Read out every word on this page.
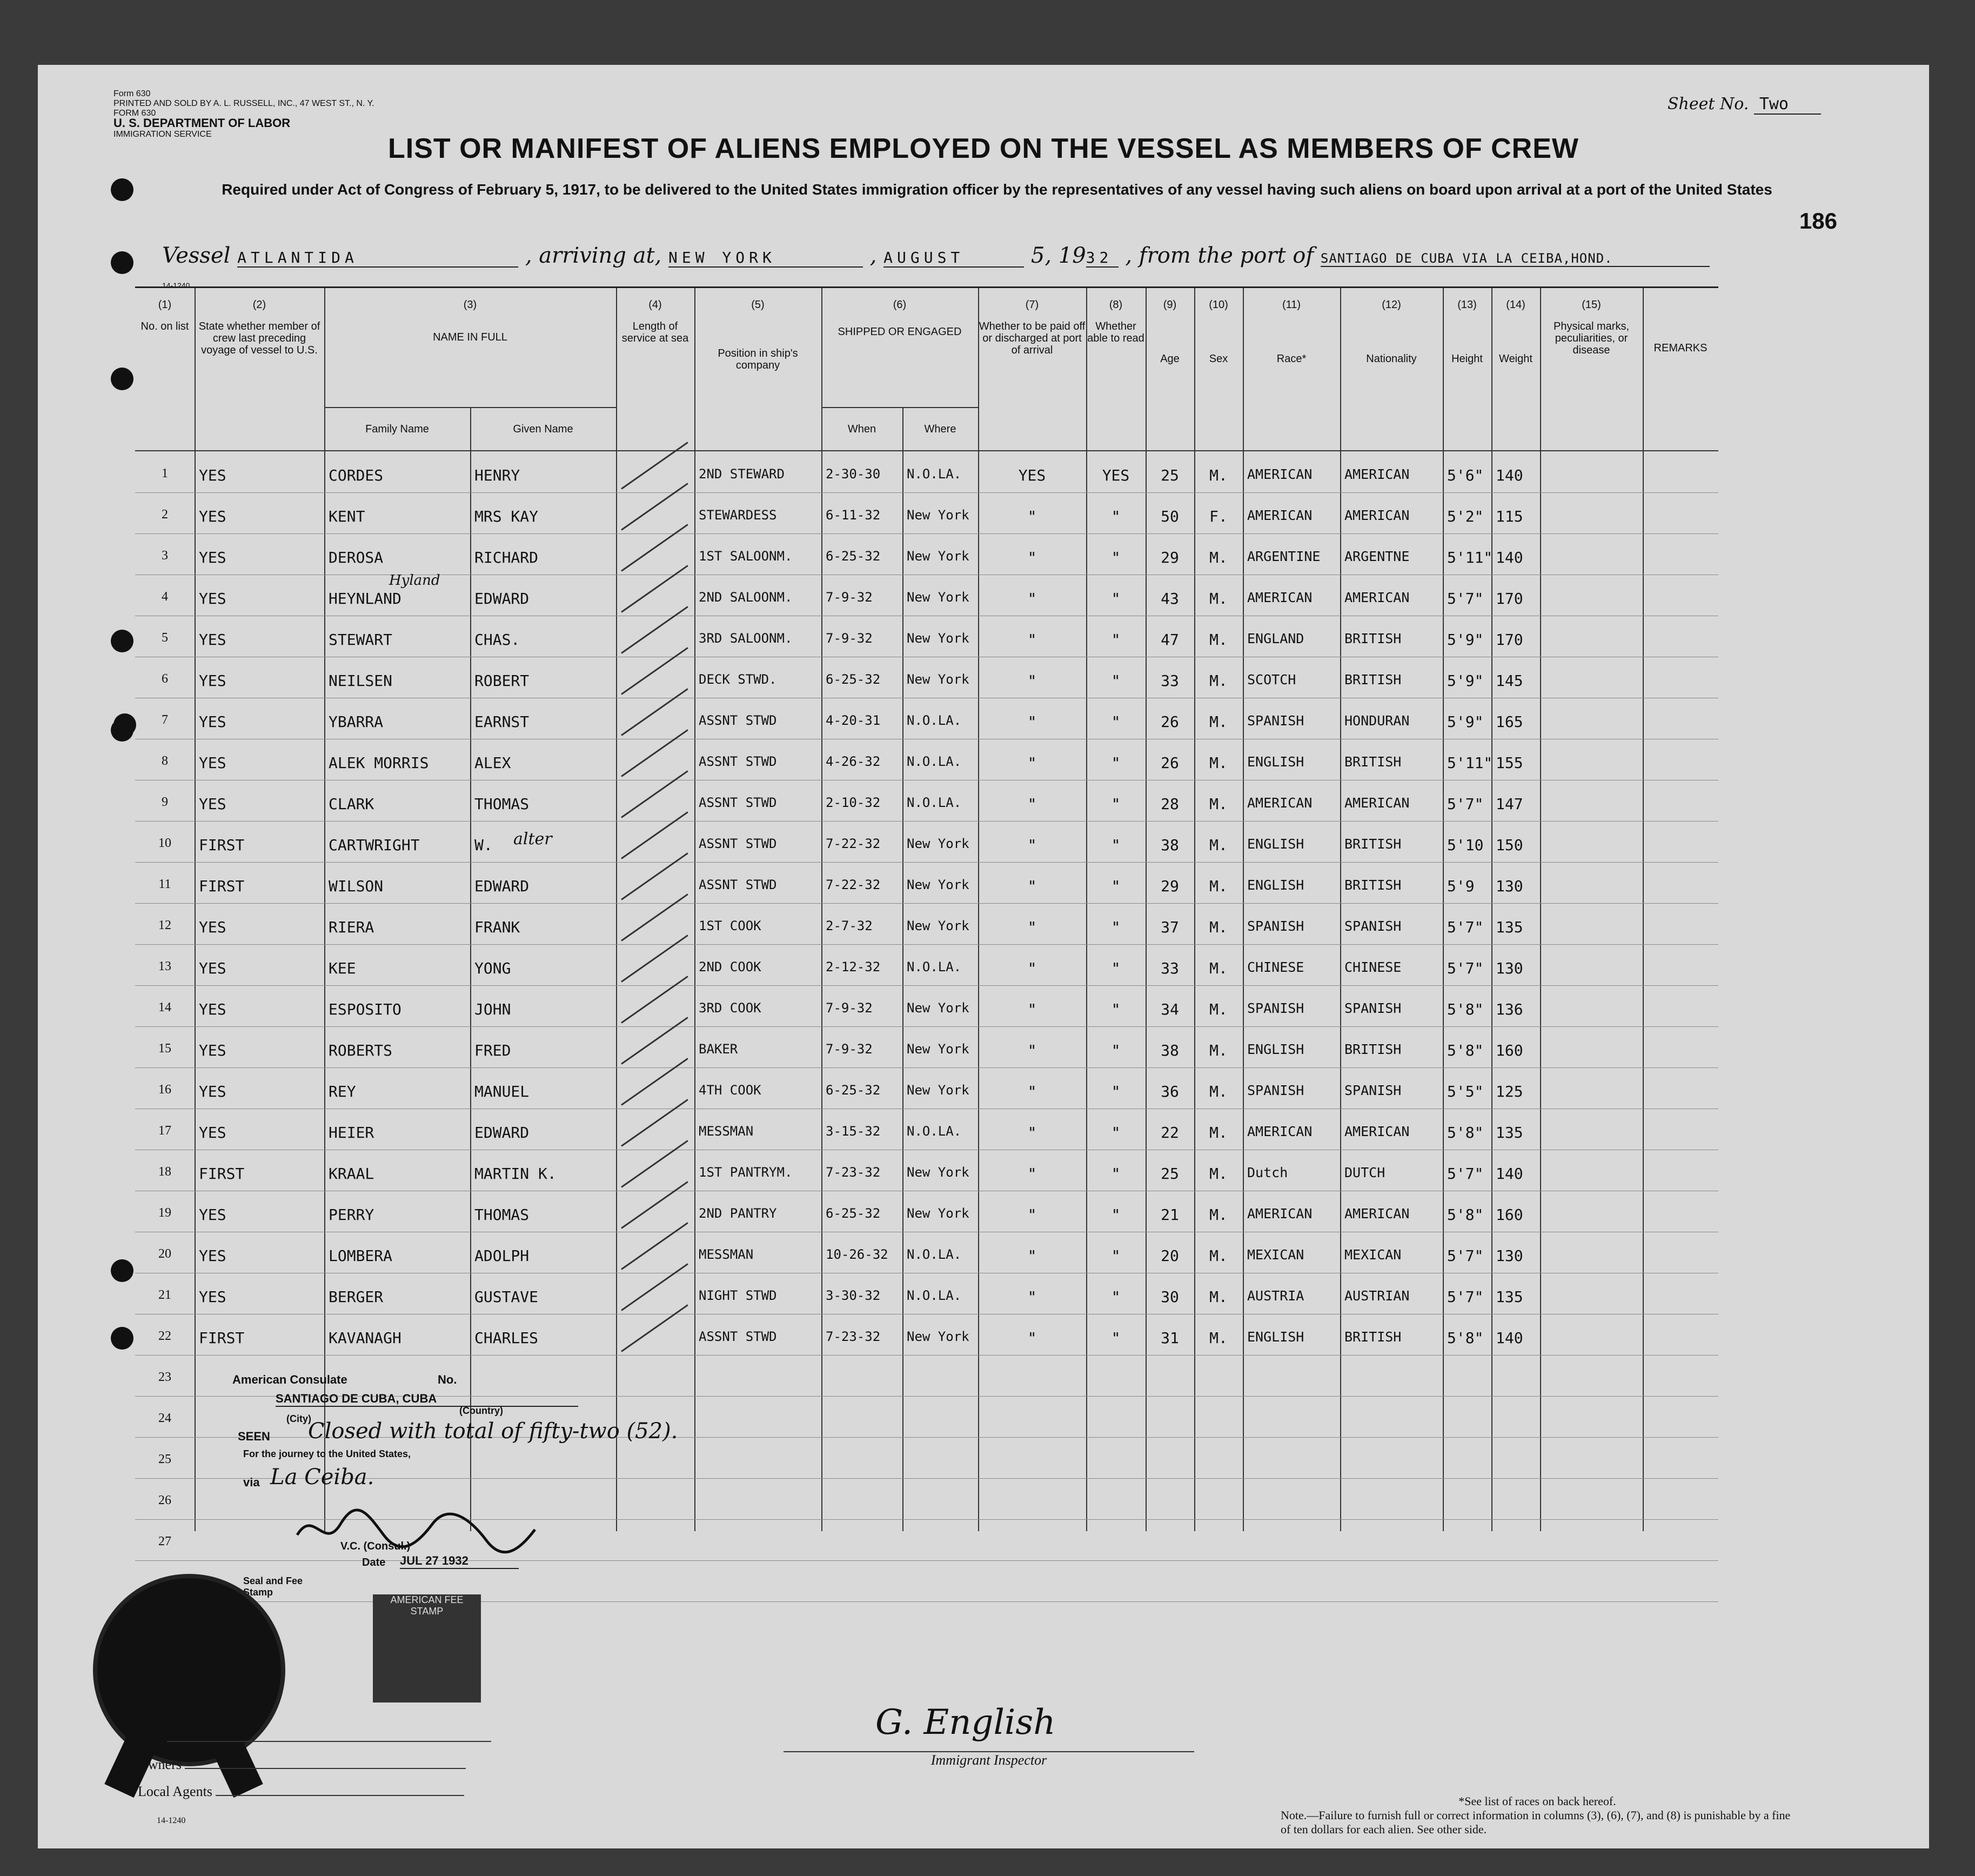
Form 630
PRINTED AND SOLD BY A. L. RUSSELL, INC., 47 WEST ST., N. Y.
FORM 630
U. S. DEPARTMENT OF LABOR
IMMIGRATION SERVICE
Sheet No. Two
LIST OR MANIFEST OF ALIENS EMPLOYED ON THE VESSEL AS MEMBERS OF CREW
Required under Act of Congress of February 5, 1917, to be delivered to the United States immigration officer by the representatives of any vessel having such aliens on board upon arrival at a port of the United States
186
Vessel ATLANTIDA	, arriving at, NEW YORK	, AUGUST	5, 1932 , from the port of SANTIAGO DE CUBA VIA LA CEIBA,HOND.
14-1240
(1)
No. on list
(2)
State whether member of crew last preceding voyage of vessel to U.S.
(3)
NAME IN FULL
Family Name	Given Name
(4)
Length of service at sea
(5)
Position in ship's company
(6)
SHIPPED OR ENGAGED
When	Where
(7)
Whether to be paid off or discharged at port of arrival
(8)
Whether able to read
(9)
Age
(10)
Sex
(11)
Race*
(12)
Nationality
(13)
Height
(14)
Weight
(15)
Physical marks, peculiarities, or disease	REMARKS
1	YES	CORDES	HENRY	2ND STEWARD	2-30-30	N.O.LA.	YES	YES	25	M.	AMERICAN	AMERICAN	5'6" 140
2	YES	KENT	MRS KAY	STEWARDESS	6-11-32	New York	"	"	50	F.	AMERICAN	AMERICAN	5'2" 115
3	YES	DEROSA	RICHARD	1ST SALOONM.	6-25-32	New York	"	"	29	M.	ARGENTINE	ARGENTNE	5'11" 140
4	YES	HEYNLAND	EDWARD	2ND SALOONM.	7-9-32	New York	"	"	43	M.	AMERICAN	AMERICAN	5'7" 170
5	YES	STEWART	CHAS.	3RD SALOONM.	7-9-32	New York	"	"	47	M.	ENGLAND	BRITISH	5'9" 170
6	YES	NEILSEN	ROBERT	DECK STWD.	6-25-32	New York	"	"	33	M.	SCOTCH	BRITISH	5'9" 145
7	YES	YBARRA	EARNST	ASSNT STWD	4-20-31	N.O.LA.	"	"	26	M.	SPANISH	HONDURAN	5'9" 165
8	YES	ALEK MORRIS	ALEX	ASSNT STWD	4-26-32	N.O.LA.	"	"	26	M.	ENGLISH	BRITISH	5'11" 155
9	YES	CLARK	THOMAS	ASSNT STWD	2-10-32	N.O.LA.	"	"	28	M.	AMERICAN	AMERICAN	5'7" 147
10	FIRST	CARTWRIGHT	W.	ASSNT STWD	7-22-32	New York	"	"	38	M.	ENGLISH	BRITISH	5'10 150
11	FIRST	WILSON	EDWARD	ASSNT STWD	7-22-32	New York	"	"	29	M.	ENGLISH	BRITISH	5'9	130
12	YES	RIERA	FRANK	1ST COOK	2-7-32	New York	"	"	37	M.	SPANISH	SPANISH	5'7" 135
13	YES	KEE	YONG	2ND COOK	2-12-32	N.O.LA.	"	"	33	M.	CHINESE	CHINESE	5'7" 130
14	YES	ESPOSITO	JOHN	3RD COOK	7-9-32	New York	"	"	34	M.	SPANISH	SPANISH	5'8" 136
15	YES	ROBERTS	FRED	BAKER	7-9-32	New York	"	"	38	M.	ENGLISH	BRITISH	5'8" 160
16	YES	REY	MANUEL	4TH COOK	6-25-32	New York	"	"	36	M.	SPANISH	SPANISH	5'5" 125
17	YES	HEIER	EDWARD	MESSMAN	3-15-32	N.O.LA.	"	"	22	M.	AMERICAN	AMERICAN	5'8" 135
18	FIRST	KRAAL	MARTIN K.	1ST PANTRYM.	7-23-32	New York	"	"	25	M.	Dutch	DUTCH	5'7" 140
19	YES	PERRY	THOMAS	2ND PANTRY	6-25-32	New York	"	"	21	M.	AMERICAN	AMERICAN	5'8" 160
20	YES	LOMBERA	ADOLPH	MESSMAN	10-26-32	N.O.LA.	"	"	20	M.	MEXICAN	MEXICAN	5'7" 130
21	YES	BERGER	GUSTAVE	NIGHT STWD	3-30-32	N.O.LA.	"	"	30	M.	AUSTRIA	AUSTRIAN	5'7" 135
22	FIRST	KAVANAGH	CHARLES	ASSNT STWD	7-23-32	New York	"	"	31	M.	ENGLISH	BRITISH	5'8" 140
23
24
25
26
27
Hyland
alter
American Consulate	No.
SANTIAGO DE CUBA, CUBA
(City)
(Country)
SEEN Closed with total of fifty-two (52).
For the journey to the United States,
via La Ceiba.
V.C. (Consul.)
Date JUL 27 1932
Seal and Fee Stamp
AMERICAN FEE STAMP
Line
Owners
Local Agents
14-1240
G. English
Immigrant Inspector
*See list of races on back hereof.
Note.—Failure to furnish full or correct information in columns (3), (6), (7), and (8) is punishable by a fine of ten dollars for each alien. See other side.
